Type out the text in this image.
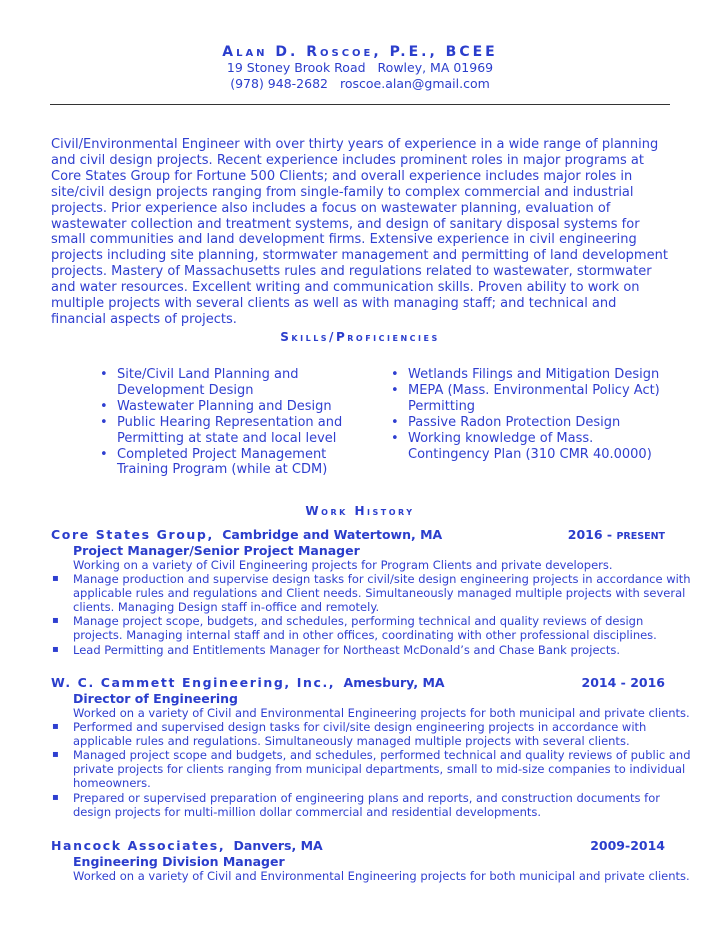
Alan D. Roscoe, P.E., BCEE
19 Stoney Brook Road Rowley, MA 01969
(978) 948-2682 roscoe.alan@gmail.com
Civil/Environmental Engineer with over thirty years of experience in a wide range of planning and civil design projects. Recent experience includes prominent roles in major programs at Core States Group for Fortune 500 Clients; and overall experience includes major roles in site/civil design projects ranging from single-family to complex commercial and industrial projects. Prior experience also includes a focus on wastewater planning, evaluation of wastewater collection and treatment systems, and design of sanitary disposal systems for small communities and land development firms. Extensive experience in civil engineering projects including site planning, stormwater management and permitting of land development projects. Mastery of Massachusetts rules and regulations related to wastewater, stormwater and water resources. Excellent writing and communication skills. Proven ability to work on multiple projects with several clients as well as with managing staff; and technical and financial aspects of projects.
Skills/Proficiencies
• Site/Civil Land Planning and Development Design
• Wastewater Planning and Design
• Public Hearing Representation and Permitting at state and local level
• Completed Project Management Training Program (while at CDM)
• Wetlands Filings and Mitigation Design
• MEPA (Mass. Environmental Policy Act) Permitting
• Passive Radon Protection Design
• Working knowledge of Mass. Contingency Plan (310 CMR 40.0000)
Work History
Core States Group, Cambridge and Watertown, MA	2016 - PRESENT
Project Manager/Senior Project Manager
Working on a variety of Civil Engineering projects for Program Clients and private developers.
▪ Manage production and supervise design tasks for civil/site design engineering projects in accordance with applicable rules and regulations and Client needs. Simultaneously managed multiple projects with several clients. Managing Design staff in-office and remotely.
▪ Manage project scope, budgets, and schedules, performing technical and quality reviews of design projects. Managing internal staff and in other offices, coordinating with other professional disciplines.
▪ Lead Permitting and Entitlements Manager for Northeast McDonald’s and Chase Bank projects.
W. C. Cammett Engineering, Inc., Amesbury, MA	2014 - 2016
Director of Engineering
Worked on a variety of Civil and Environmental Engineering projects for both municipal and private clients.
▪ Performed and supervised design tasks for civil/site design engineering projects in accordance with applicable rules and regulations. Simultaneously managed multiple projects with several clients.
▪ Managed project scope and budgets, and schedules, performed technical and quality reviews of public and private projects for clients ranging from municipal departments, small to mid-size companies to individual homeowners.
▪ Prepared or supervised preparation of engineering plans and reports, and construction documents for design projects for multi-million dollar commercial and residential developments.
Hancock Associates, Danvers, MA	2009-2014
Engineering Division Manager
Worked on a variety of Civil and Environmental Engineering projects for both municipal and private clients.
